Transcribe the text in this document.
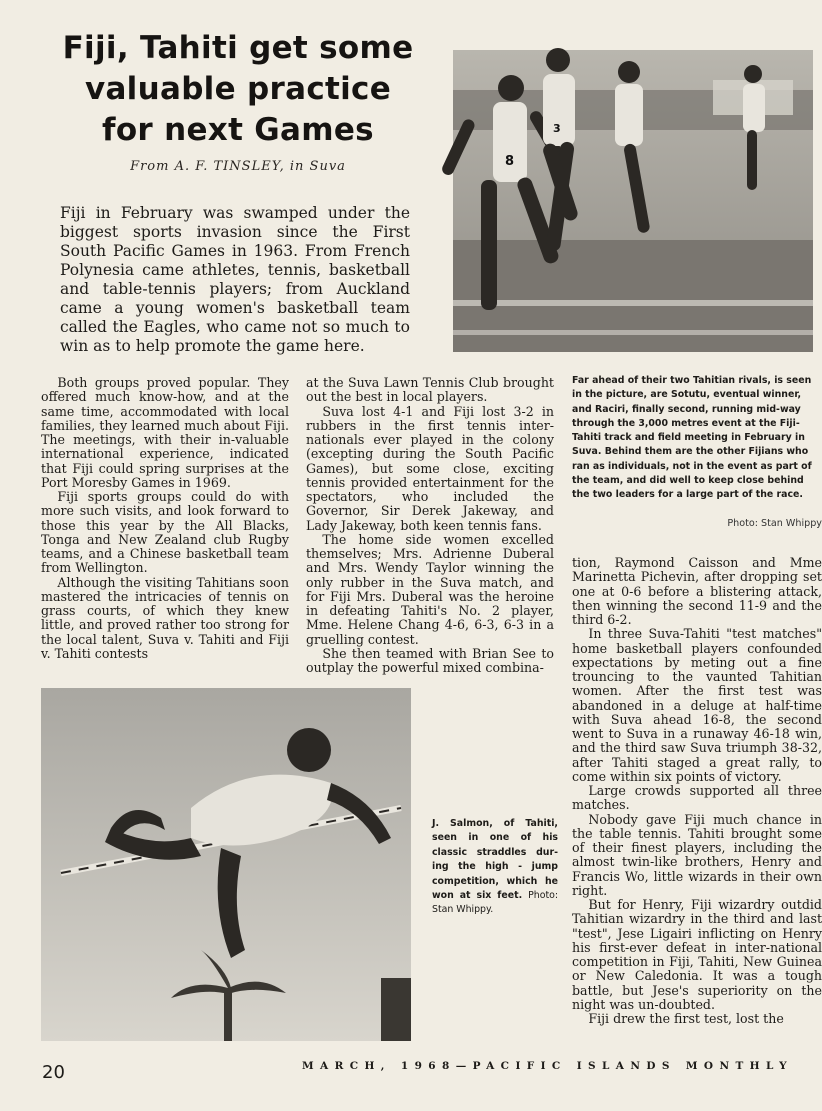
Fiji, Tahiti get some
valuable practice
for next Games
From A. F. TINSLEY, in Suva
Fiji in February was swamped under the biggest sports invasion since the First South Pacific Games in 1963. From French Polynesia came athletes, tennis, basketball and table-tennis players; from Auckland came a young women's basketball team called the Eagles, who came not so much to win as to help promote the game here.
8
3
Far ahead of their two Tahitian rivals, is seen in the picture, are Sotutu, eventual winner, and Raciri, finally second, running mid-way through the 3,000 metres event at the Fiji-Tahiti track and field meeting in February in Suva. Behind them are the other Fijians who ran as individuals, not in the event as part of the team, and did well to keep close behind the two leaders for a large part of the race.
Photo: Stan Whippy

Both groups proved popular. They offered much know-how, and at the same time, accommodated with local families, they learned much about Fiji. The meetings, with their in-valuable international experience, indicated that Fiji could spring surprises at the Port Moresby Games in 1969.

Fiji sports groups could do with more such visits, and look forward to those this year by the All Blacks, Tonga and New Zealand club Rugby teams, and a Chinese basketball team from Wellington.

Although the visiting Tahitians soon mastered the intricacies of tennis on grass courts, of which they knew little, and proved rather too strong for the local talent, Suva v. Tahiti and Fiji v. Tahiti contests

at the Suva Lawn Tennis Club brought out the best in local players.

Suva lost 4-1 and Fiji lost 3-2 in rubbers in the first tennis inter-nationals ever played in the colony (excepting during the South Pacific Games), but some close, exciting tennis provided entertainment for the spectators, who included the Governor, Sir Derek Jakeway, and Lady Jakeway, both keen tennis fans.

The home side women excelled themselves; Mrs. Adrienne Duberal and Mrs. Wendy Taylor winning the only rubber in the Suva match, and for Fiji Mrs. Duberal was the heroine in defeating Tahiti's No. 2 player, Mme. Helene Chang 4-6, 6-3, 6-3 in a gruelling contest.

She then teamed with Brian See to outplay the powerful mixed combina-

J. Salmon, of Tahiti, seen in one of his classic straddles dur-ing the high - jump competition, which he won at six feet. Photo: Stan Whippy.

tion, Raymond Caisson and Mme Marinetta Pichevin, after dropping set one at 0-6 before a blistering attack, then winning the second 11-9 and the third 6-2.

In three Suva-Tahiti "test matches" home basketball players confounded expectations by meting out a fine trouncing to the vaunted Tahitian women. After the first test was abandoned in a deluge at half-time with Suva ahead 16-8, the second went to Suva in a runaway 46-18 win, and the third saw Suva triumph 38-32, after Tahiti staged a great rally, to come within six points of victory.

Large crowds supported all three matches.

Nobody gave Fiji much chance in the table tennis. Tahiti brought some of their finest players, including the almost twin-like brothers, Henry and Francis Wo, little wizards in their own right.

But for Henry, Fiji wizardry outdid Tahitian wizardry in the third and last "test", Jese Ligairi inflicting on Henry his first-ever defeat in inter-national competition in Fiji, Tahiti, New Guinea or New Caledonia. It was a tough battle, but Jese's superiority on the night was un-doubted.

Fiji drew the first test, lost the

20	MARCH, 1968—PACIFIC ISLANDS MONTHLY
